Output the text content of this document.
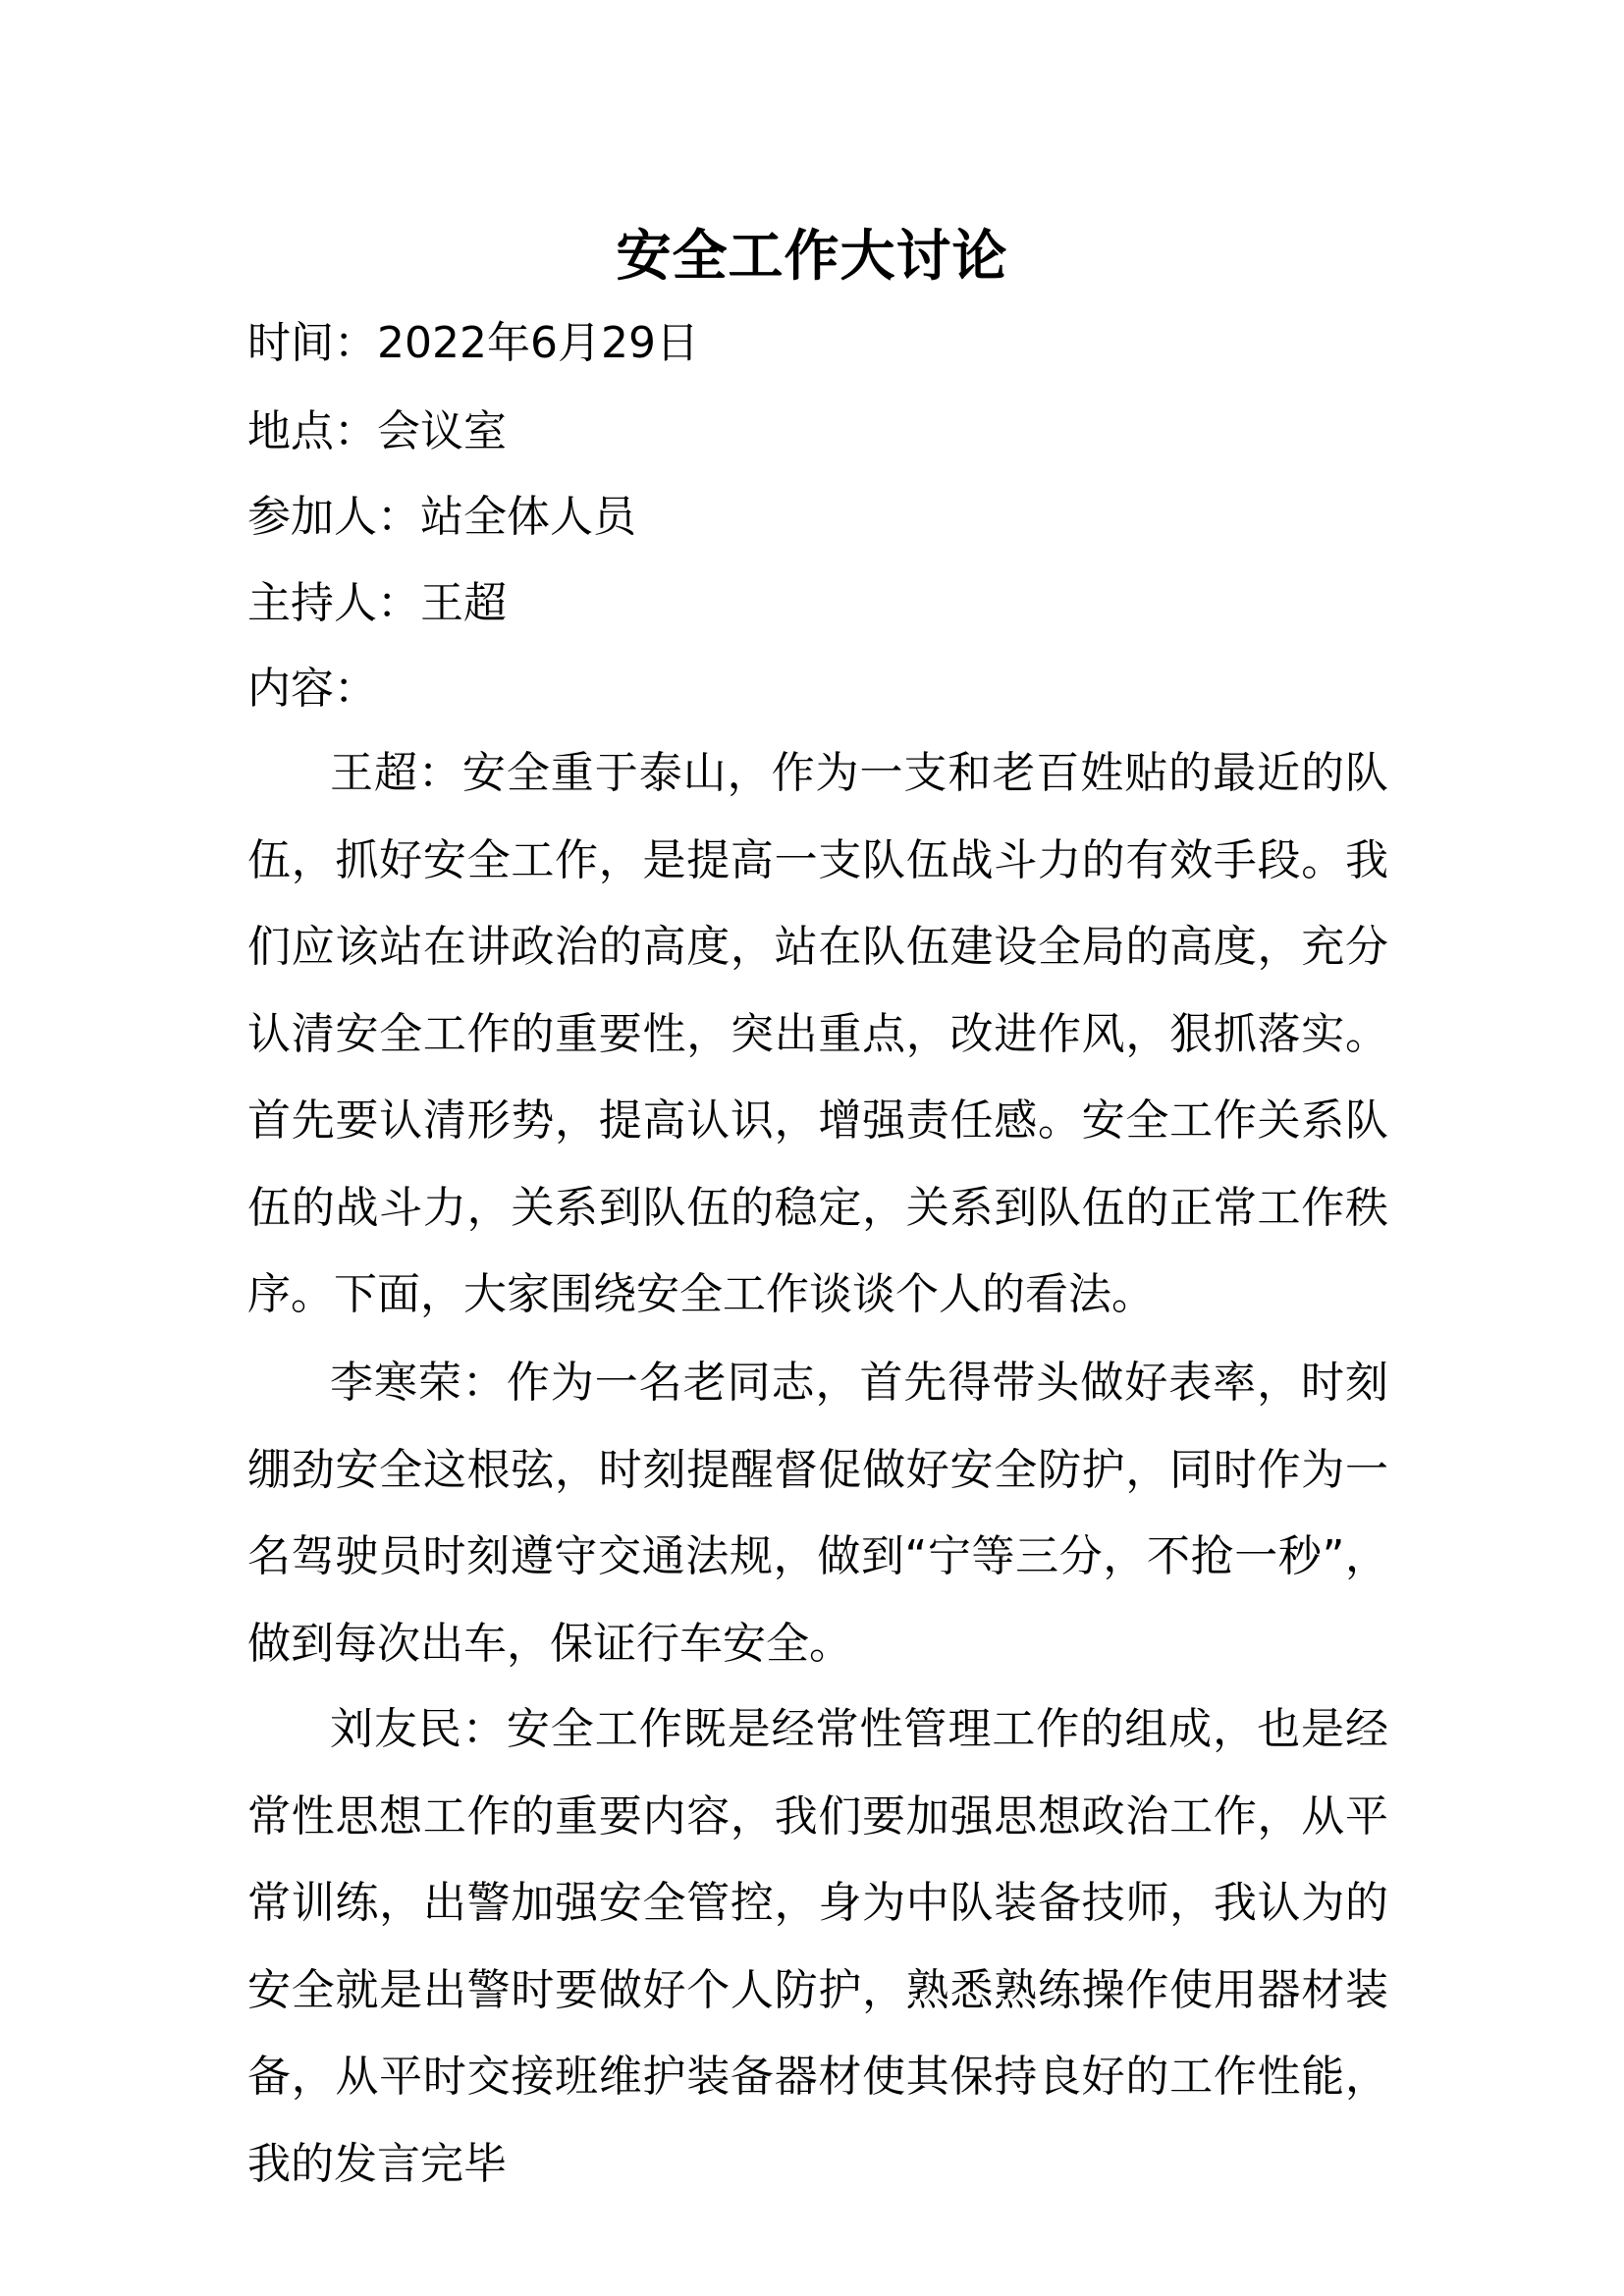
安全工作大讨论
时间：2022年6月29日
地点：会议室
参加人：站全体人员
主持人：王超
内容：

王超：安全重于泰山，作为一支和老百姓贴的最近的队伍，抓好安全工作，是提高一支队伍战斗力的有效手段。我们应该站在讲政治的高度，站在队伍建设全局的高度，充分认清安全工作的重要性，突出重点，改进作风，狠抓落实。首先要认清形势，提高认识，增强责任感。安全工作关系队伍的战斗力，关系到队伍的稳定，关系到队伍的正常工作秩序。下面，大家围绕安全工作谈谈个人的看法。

李寒荣：作为一名老同志，首先得带头做好表率，时刻绷劲安全这根弦，时刻提醒督促做好安全防护，同时作为一名驾驶员时刻遵守交通法规，做到“宁等三分，不抢一秒”，做到每次出车，保证行车安全。

刘友民：安全工作既是经常性管理工作的组成，也是经常性思想工作的重要内容，我们要加强思想政治工作，从平常训练，出警加强安全管控，身为中队装备技师，我认为的安全就是出警时要做好个人防护，熟悉熟练操作使用器材装备，从平时交接班维护装备器材使其保持良好的工作性能，我的发言完毕
